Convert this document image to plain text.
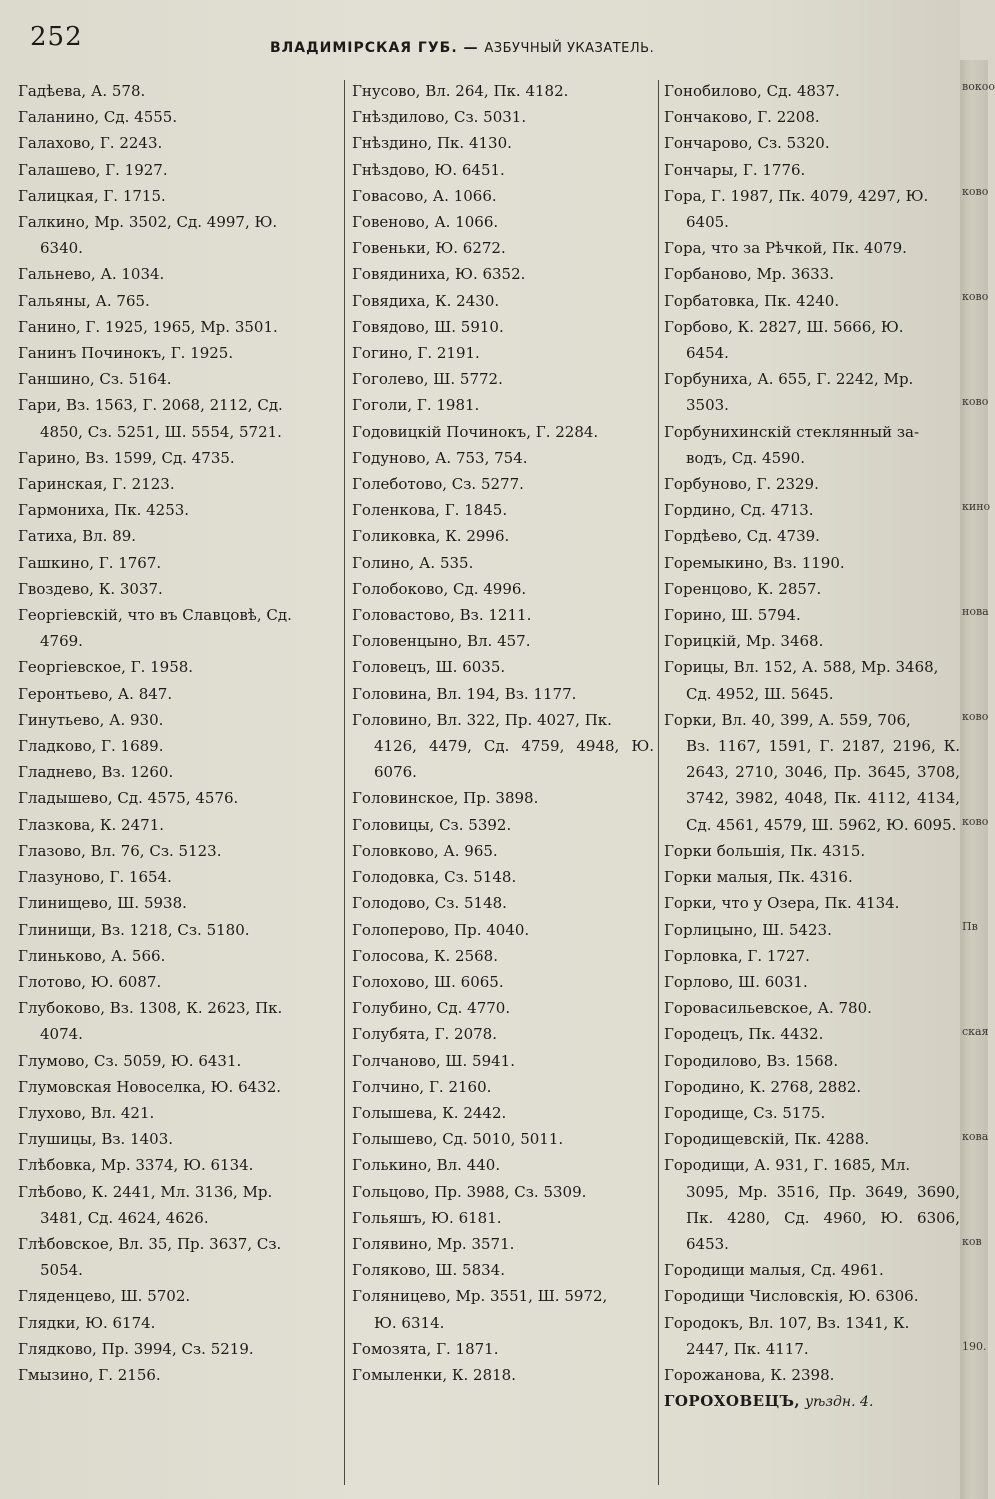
вокоо
ково
ково
ково
кино
нова
ково
ково
Пв
ская
кова
ков
190.
252	ВЛАДИМIРСКАЯ ГУБ. — АЗБУЧНЫЙ УКАЗАТЕЛЬ.

Гадѣева, А. 578.

Галанино, Сд. 4555.

Галахово, Г. 2243.

Галашево, Г. 1927.

Галицкая, Г. 1715.

Галкино, Мр. 3502, Сд. 4997, Ю.
6340.

Гальнево, А. 1034.

Гальяны, А. 765.

Ганино, Г. 1925, 1965, Мр. 3501.

Ганинъ Починокъ, Г. 1925.

Ганшино, Сз. 5164.

Гари, Вз. 1563, Г. 2068, 2112, Сд.
4850, Сз. 5251, Ш. 5554, 5721.

Гарино, Вз. 1599, Сд. 4735.

Гаринская, Г. 2123.

Гармониха, Пк. 4253.

Гатиха, Вл. 89.

Гашкино, Г. 1767.

Гвоздево, К. 3037.

Георгiевскiй, что въ Славцовѣ, Сд.
4769.

Георгiевское, Г. 1958.

Геронтьево, А. 847.

Гинутьево, А. 930.

Гладково, Г. 1689.

Гладнево, Вз. 1260.

Гладышево, Сд. 4575, 4576.

Глазкова, К. 2471.

Глазово, Вл. 76, Сз. 5123.

Глазуново, Г. 1654.

Глинищево, Ш. 5938.

Глинищи, Вз. 1218, Сз. 5180.

Глиньково, А. 566.

Глотово, Ю. 6087.

Глубоково, Вз. 1308, К. 2623, Пк.
4074.

Глумово, Сз. 5059, Ю. 6431.

Глумовская Новоселка, Ю. 6432.

Глухово, Вл. 421.

Глушицы, Вз. 1403.

Глѣбовка, Мр. 3374, Ю. 6134.

Глѣбово, К. 2441, Мл. 3136, Мр.
3481, Сд. 4624, 4626.

Глѣбовское, Вл. 35, Пр. 3637, Сз.
5054.

Гляденцево, Ш. 5702.

Глядки, Ю. 6174.

Глядково, Пр. 3994, Сз. 5219.

Гмызино, Г. 2156.

Гнусово, Вл. 264, Пк. 4182.

Гнѣздилово, Сз. 5031.

Гнѣздино, Пк. 4130.

Гнѣздово, Ю. 6451.

Говасово, А. 1066.

Говеново, А. 1066.

Говеньки, Ю. 6272.

Говядиниха, Ю. 6352.

Говядиха, К. 2430.

Говядово, Ш. 5910.

Гогино, Г. 2191.

Гоголево, Ш. 5772.

Гоголи, Г. 1981.

Годовицкiй Починокъ, Г. 2284.

Годуново, А. 753, 754.

Голеботово, Сз. 5277.

Голенкова, Г. 1845.

Голиковка, К. 2996.

Голино, А. 535.

Голобоково, Сд. 4996.

Головастово, Вз. 1211.

Головенцыно, Вл. 457.

Головецъ, Ш. 6035.

Головина, Вл. 194, Вз. 1177.

Головино, Вл. 322, Пр. 4027, Пк.
4126, 4479, Сд. 4759, 4948, Ю. 6076.

Головинское, Пр. 3898.

Головицы, Сз. 5392.

Головково, А. 965.

Голодовка, Сз. 5148.

Голодово, Сз. 5148.

Голоперово, Пр. 4040.

Голосова, К. 2568.

Голохово, Ш. 6065.

Голубино, Сд. 4770.

Голубята, Г. 2078.

Голчаново, Ш. 5941.

Голчино, Г. 2160.

Голышева, К. 2442.

Голышево, Сд. 5010, 5011.

Голькино, Вл. 440.

Гольцово, Пр. 3988, Сз. 5309.

Гольяшъ, Ю. 6181.

Голявино, Мр. 3571.

Голяково, Ш. 5834.

Голяницево, Мр. 3551, Ш. 5972,
Ю. 6314.

Гомозята, Г. 1871.

Гомыленки, К. 2818.

Гонобилово, Сд. 4837.

Гончаково, Г. 2208.

Гончарово, Сз. 5320.

Гончары, Г. 1776.

Гора, Г. 1987, Пк. 4079, 4297, Ю.
6405.

Гора, что за Рѣчкой, Пк. 4079.

Горбаново, Мр. 3633.

Горбатовка, Пк. 4240.

Горбово, К. 2827, Ш. 5666, Ю.
6454.

Горбуниха, А. 655, Г. 2242, Мр.
3503.

Горбунихинскiй стеклянный за-
водъ, Сд. 4590.

Горбуново, Г. 2329.

Гордино, Сд. 4713.

Гордѣево, Сд. 4739.

Горемыкино, Вз. 1190.

Горенцово, К. 2857.

Горино, Ш. 5794.

Горицкiй, Мр. 3468.

Горицы, Вл. 152, А. 588, Мр. 3468,
Сд. 4952, Ш. 5645.

Горки, Вл. 40, 399, А. 559, 706,
Вз. 1167, 1591, Г. 2187, 2196, К. 2643, 2710, 3046, Пр. 3645, 3708, 3742, 3982, 4048, Пк. 4112, 4134, Сд. 4561, 4579, Ш. 5962, Ю. 6095.

Горки большiя, Пк. 4315.

Горки малыя, Пк. 4316.

Горки, что у Озера, Пк. 4134.

Горлицыно, Ш. 5423.

Горловка, Г. 1727.

Горлово, Ш. 6031.

Горовасильевское, А. 780.

Городецъ, Пк. 4432.

Городилово, Вз. 1568.

Городино, К. 2768, 2882.

Городище, Сз. 5175.

Городищевскiй, Пк. 4288.

Городищи, А. 931, Г. 1685, Мл.
3095, Мр. 3516, Пр. 3649, 3690, Пк. 4280, Сд. 4960, Ю. 6306, 6453.

Городищи малыя, Сд. 4961.

Городищи Числовскiя, Ю. 6306.

Городокъ, Вл. 107, Вз. 1341, К.
2447, Пк. 4117.

Горожанова, К. 2398.

ГОРОХОВЕЦЪ, уѣздн. 4.
